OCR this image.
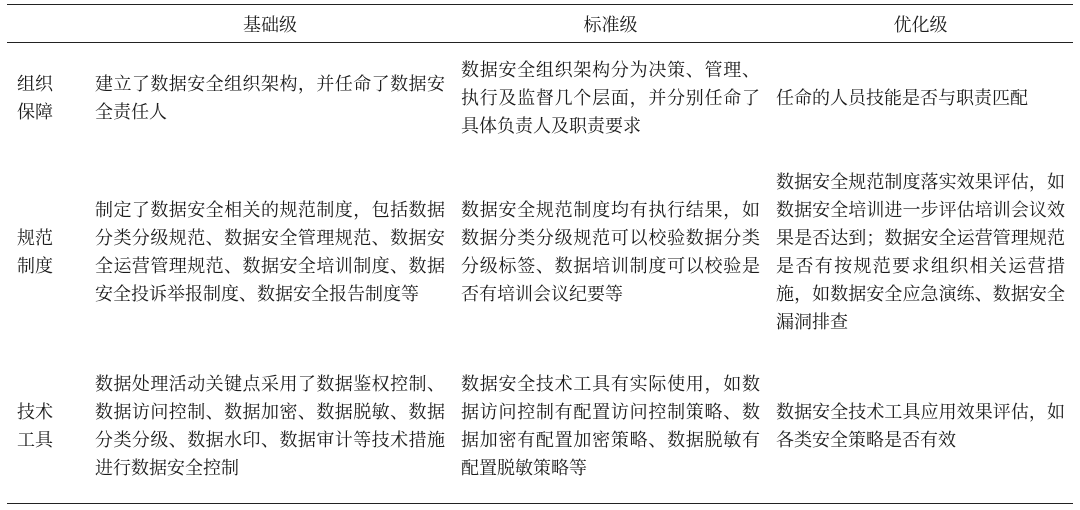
	基础级	标准级	优化级

组织保障	建立了数据安全组织架构，并任命了数据安全责任人	数据安全组织架构分为决策、管理、执行及监督几个层面，并分别任命了具体负责人及职责要求	任命的人员技能是否与职责匹配

规范制度	制定了数据安全相关的规范制度，包括数据分类分级规范、数据安全管理规范、数据安全运营管理规范、数据安全培训制度、数据安全投诉举报制度、数据安全报告制度等	数据安全规范制度均有执行结果，如数据分类分级规范可以校验数据分类分级标签、数据培训制度可以校验是否有培训会议纪要等	数据安全规范制度落实效果评估，如数据安全培训进一步评估培训会议效果是否达到；数据安全运营管理规范是否有按规范要求组织相关运营措施，如数据安全应急演练、数据安全漏洞排查

技术工具	数据处理活动关键点采用了数据鉴权控制、数据访问控制、数据加密、数据脱敏、数据分类分级、数据水印、数据审计等技术措施进行数据安全控制	数据安全技术工具有实际使用，如数据访问控制有配置访问控制策略、数据加密有配置加密策略、数据脱敏有配置脱敏策略等	数据安全技术工具应用效果评估，如各类安全策略是否有效
